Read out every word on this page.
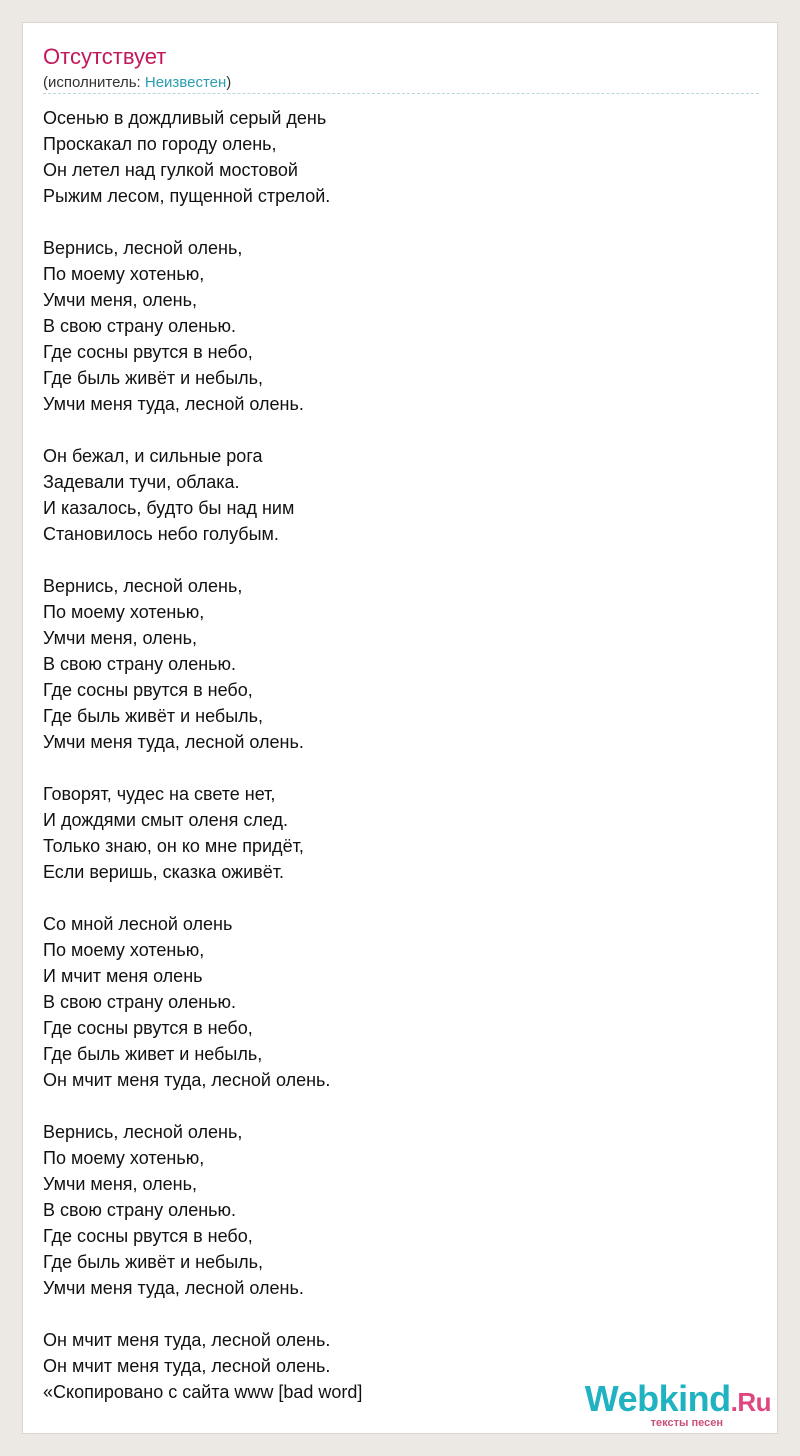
Отсутствует
(исполнитель: Неизвестен)
Осенью в дождливый серый день
Проскакал по городу олень,
Он летел над гулкой мостовой
Рыжим лесом, пущенной стрелой.
Вернись, лесной олень,
По моему хотенью,
Умчи меня, олень,
В свою страну оленью.
Где сосны рвутся в небо,
Где быль живёт и небыль,
Умчи меня туда, лесной олень.
Он бежал, и сильные рога
Задевали тучи, облака.
И казалось, будто бы над ним
Становилось небо голубым.
Вернись, лесной олень,
По моему хотенью,
Умчи меня, олень,
В свою страну оленью.
Где сосны рвутся в небо,
Где быль живёт и небыль,
Умчи меня туда, лесной олень.
Говорят, чудес на свете нет,
И дождями смыт оленя след.
Только знаю, он ко мне придёт,
Если веришь, сказка оживёт.
Со мной лесной олень
По моему хотенью,
И мчит меня олень
В свою страну оленью.
Где сосны рвутся в небо,
Где быль живет и небыль,
Он мчит меня туда, лесной олень.
Вернись, лесной олень,
По моему хотенью,
Умчи меня, олень,
В свою страну оленью.
Где сосны рвутся в небо,
Где быль живёт и небыль,
Умчи меня туда, лесной олень.
Он мчит меня туда, лесной олень.
Он мчит меня туда, лесной олень.
«Скопировано с сайта www [bad word]	Webkind.Ru
тексты песен
